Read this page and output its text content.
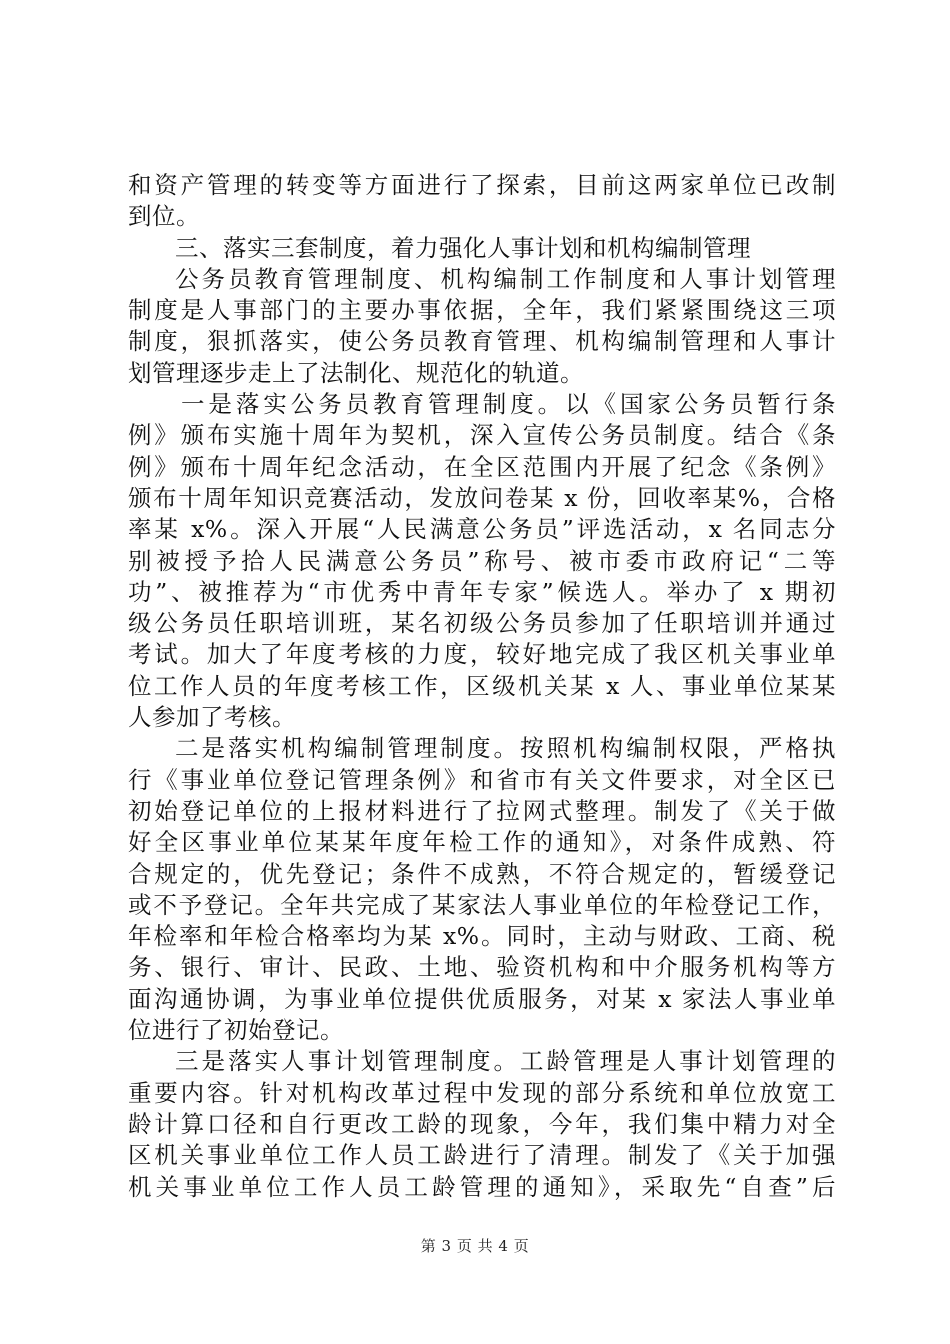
和资产管理的转变等方面进行了探索，目前这两家单位已改制
到位。
三、落实三套制度，着力强化人事计划和机构编制管理
公务员教育管理制度、机构编制工作制度和人事计划管理
制度是人事部门的主要办事依据，全年，我们紧紧围绕这三项
制度，狠抓落实，使公务员教育管理、机构编制管理和人事计
划管理逐步走上了法制化、规范化的轨道。
一是落实公务员教育管理制度。以《国家公务员暂行条
例》颁布实施十周年为契机，深入宣传公务员制度。结合《条
例》颁布十周年纪念活动，在全区范围内开展了纪念《条例》
颁布十周年知识竞赛活动，发放问卷某 x 份，回收率某%，合格
率某 x%。深入开展“人民满意公务员”评选活动，x 名同志分
别被授予拾人民满意公务员”称号、被市委市政府记“二等
功”、被推荐为“市优秀中青年专家”候选人。举办了 x 期初
级公务员任职培训班，某名初级公务员参加了任职培训并通过
考试。加大了年度考核的力度，较好地完成了我区机关事业单
位工作人员的年度考核工作，区级机关某 x 人、事业单位某某
人参加了考核。
二是落实机构编制管理制度。按照机构编制权限，严格执
行《事业单位登记管理条例》和省市有关文件要求，对全区已
初始登记单位的上报材料进行了拉网式整理。制发了《关于做
好全区事业单位某某年度年检工作的通知》，对条件成熟、符
合规定的，优先登记；条件不成熟，不符合规定的，暂缓登记
或不予登记。全年共完成了某家法人事业单位的年检登记工作，
年检率和年检合格率均为某 x%。同时，主动与财政、工商、税
务、银行、审计、民政、土地、验资机构和中介服务机构等方
面沟通协调，为事业单位提供优质服务，对某 x 家法人事业单
位进行了初始登记。
三是落实人事计划管理制度。工龄管理是人事计划管理的
重要内容。针对机构改革过程中发现的部分系统和单位放宽工
龄计算口径和自行更改工龄的现象，今年，我们集中精力对全
区机关事业单位工作人员工龄进行了清理。制发了《关于加强
机关事业单位工作人员工龄管理的通知》，采取先“自查”后
第 3 页 共 4 页
